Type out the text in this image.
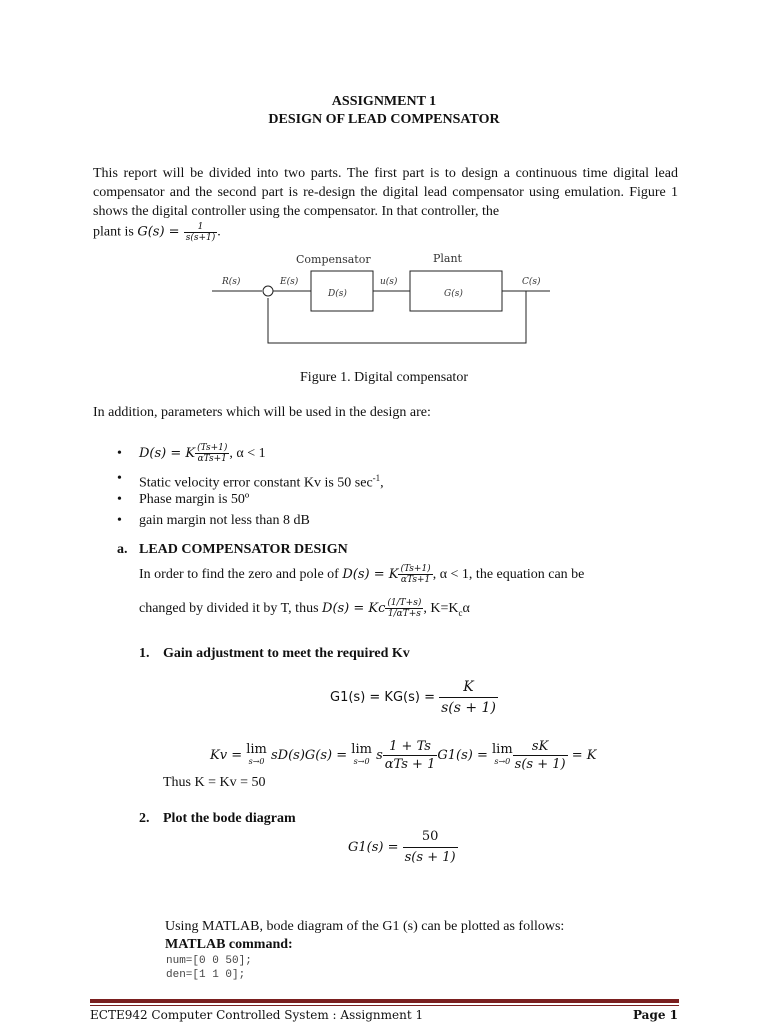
ASSIGNMENT 1
DESIGN OF LEAD COMPENSATOR
This report will be divided into two parts. The first part is to design a continuous time digital lead compensator and the second part is re-design the digital lead compensator using emulation. Figure 1 shows the digital controller using the compensator. In that controller, the
plant is $G(s) = \frac{1}{s(s+1)}$ .
Compensator	Plant
R(s)	E(s)	u(s)	C(s)
D(s)	G(s)
Figure 1. Digital compensator
In addition, parameters which will be used in the design are:
• D(s) = K $\frac{(Ts+1)}{\text{αTs+1}}$ , α < 1
• Static velocity error constant Kv is 50 $\sec^{-1}$,
• Phase margin is 50º
• gain margin not less than 8 dB
a. LEAD COMPENSATOR DESIGN
In order to find the zero and pole of D(s) = K $\frac{(Ts+1)}{\text{αTs+1}}$ , α < 1, the equation can be
changed by divided it by T, thus D(s) = Kc $\frac{(1/T+s)}{1/\alpha T+s}$ , $K=K_c\alpha$
1. Gain adjustment to meet the required Kv
$G1(s) = KG(s) = \frac{K}{s(s + 1)}$
Kv = lim
s→0 sD(s)G(s) = lim
s→0 s $\frac{1 + Ts}{\text{αTs + 1}} G1(s) = \lim$
$s\to 0 \frac{sK}{s(s + 1)} = K$
Thus K = Kv = 50
2. Plot the bode diagram
$G1(s) = \frac{50}{s(s + 1)}$
Using MATLAB, bode diagram of the G1 (s) can be plotted as follows:
MATLAB command:
num=[0 0 50];
den=[1 1 0];
ECTE942 Computer Controlled System : Assignment 1	Page 1
